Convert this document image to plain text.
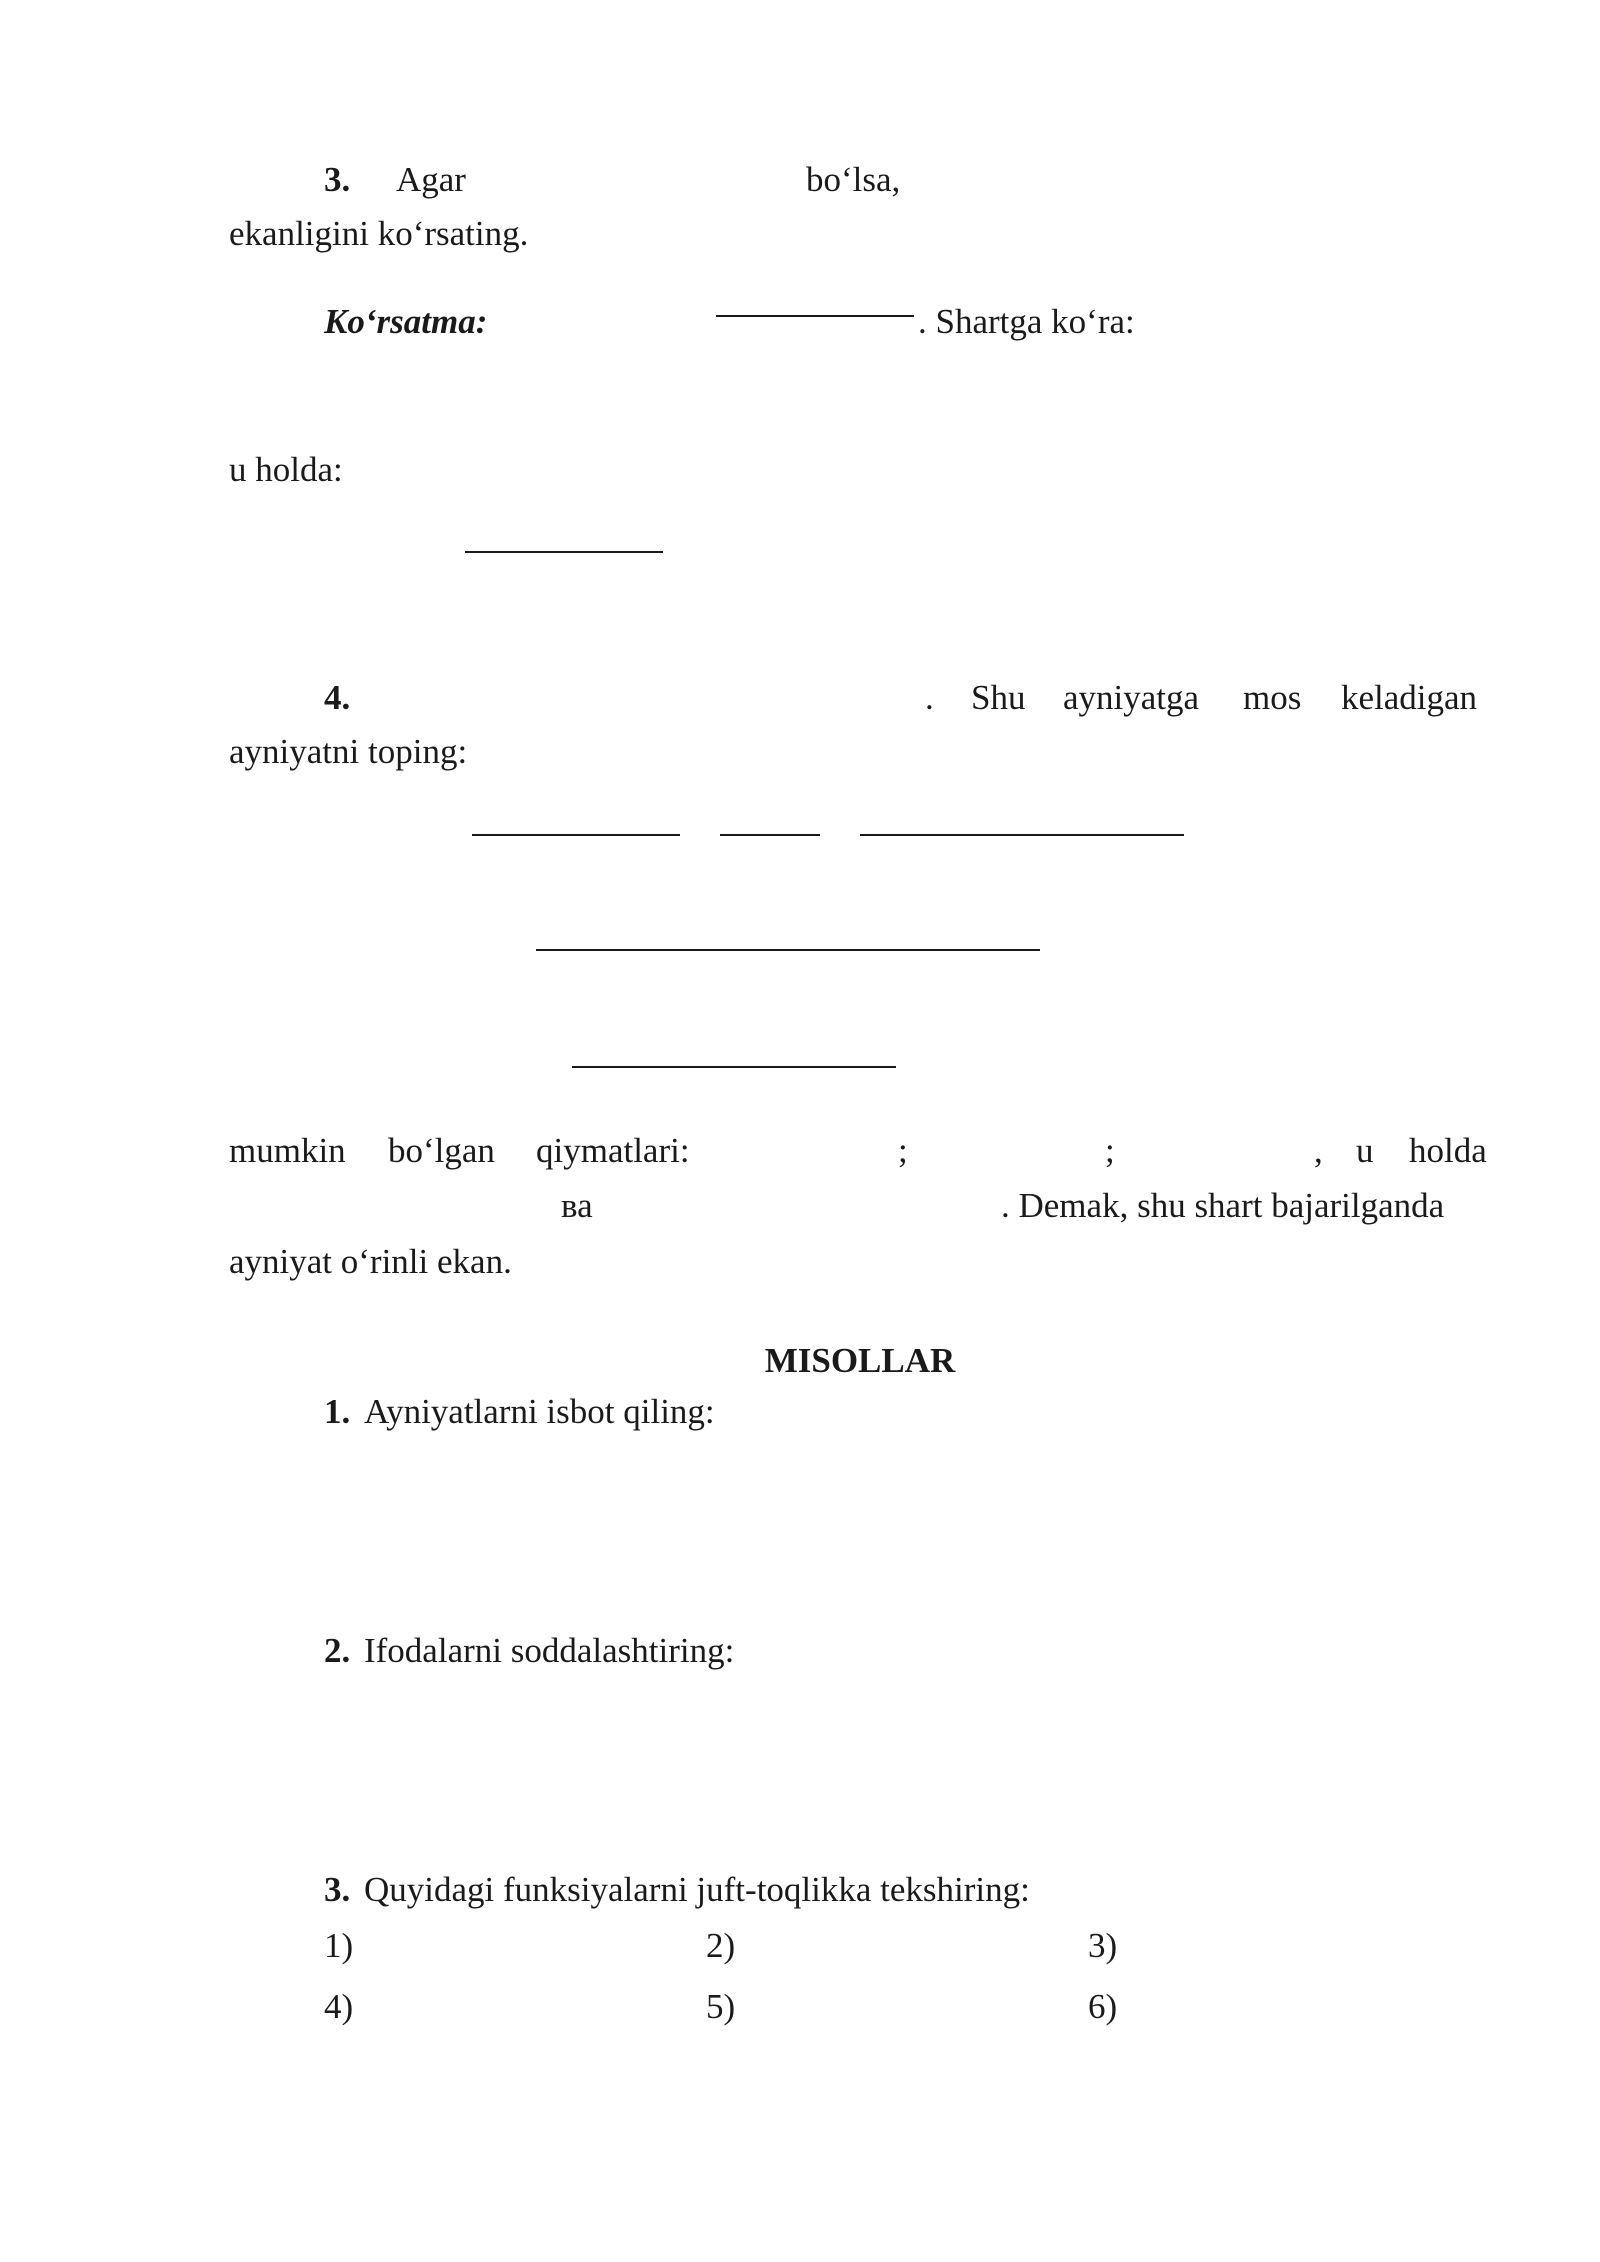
3. Agar	bo‘lsa,
ekanligini ko‘rsating.
Ko‘rsatma:	. Shartga ko‘ra:
u holda:
4.	. Shu ayniyatga mos keladigan
ayniyatni toping:
mumkin bo‘lgan qiymatlari:	;	;	, u holda
ва	. Demak, shu shart bajarilganda
ayniyat o‘rinli ekan.
MISOLLAR
1. Ayniyatlarni isbot qiling:
2. Ifodalarni soddalashtiring:
3. Quyidagi funksiyalarni juft-toqlikka tekshiring:
1)	2)	3)
4)	5)	6)
